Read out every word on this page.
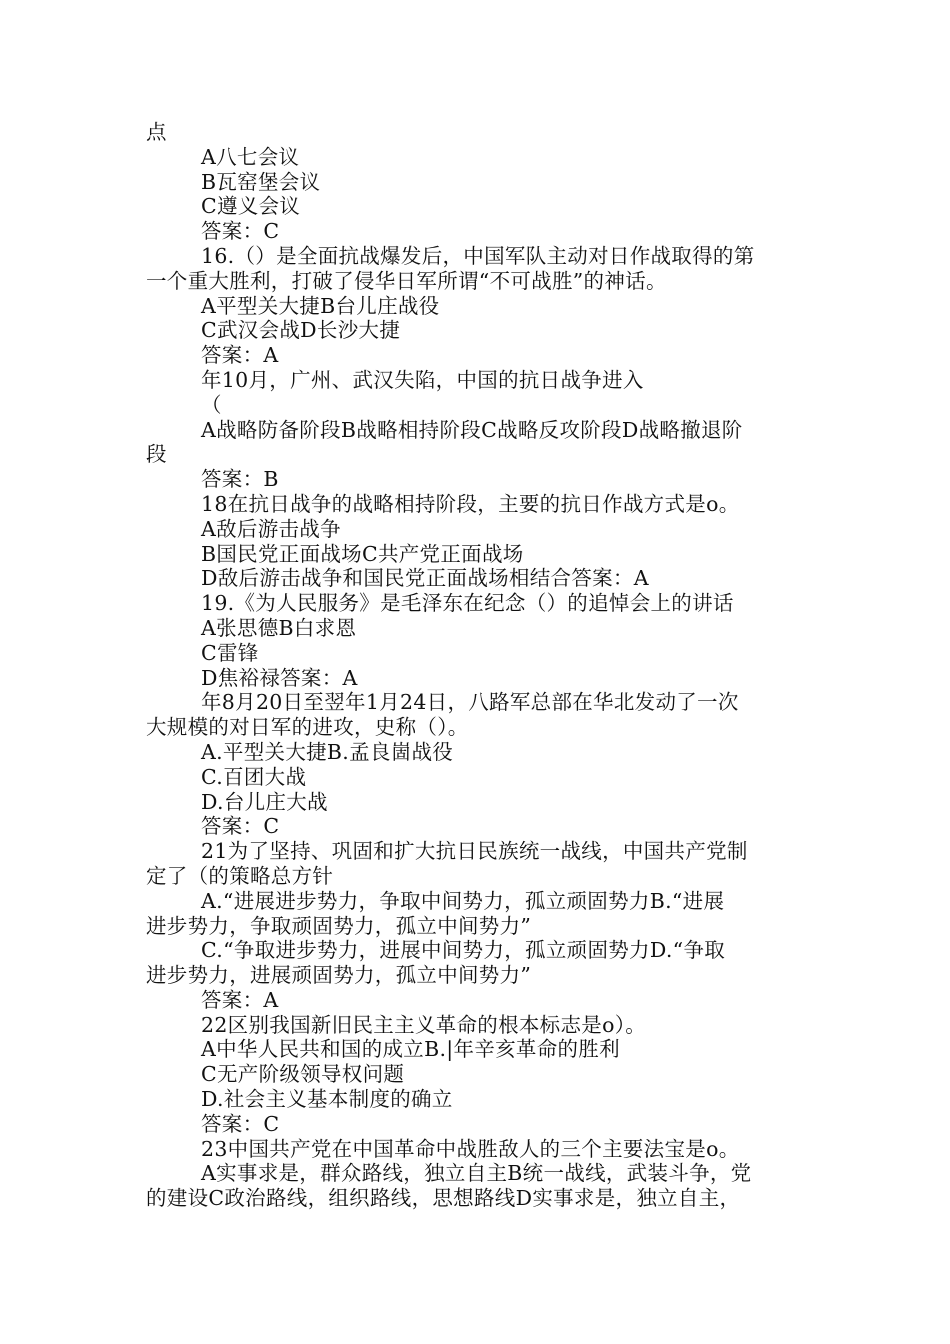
点
A八七会议
B瓦窑堡会议
C遵义会议
答案：C
16.（）是全面抗战爆发后，中国军队主动对日作战取得的第
一个重大胜利，打破了侵华日军所谓“不可战胜”的神话。
A平型关大捷B台儿庄战役
C武汉会战D长沙大捷
答案：A
年10月，广州、武汉失陷，中国的抗日战争进入
（
A战略防备阶段B战略相持阶段C战略反攻阶段D战略撤退阶
段
答案：B
18在抗日战争的战略相持阶段，主要的抗日作战方式是o。
A敌后游击战争
B国民党正面战场C共产党正面战场
D敌后游击战争和国民党正面战场相结合答案：A
19.《为人民服务》是毛泽东在纪念（）的追悼会上的讲话
A张思德B白求恩
C雷锋
D焦裕禄答案：A
年8月20日至翌年1月24日，八路军总部在华北发动了一次
大规模的对日军的进攻，史称（）。
A.平型关大捷B.孟良崮战役
C.百团大战
D.台儿庄大战
答案：C
21为了坚持、巩固和扩大抗日民族统一战线，中国共产党制
定了（的策略总方针
A.“进展进步势力，争取中间势力，孤立顽固势力B.“进展
进步势力，争取顽固势力，孤立中间势力”
C.“争取进步势力，进展中间势力，孤立顽固势力D.“争取
进步势力，进展顽固势力，孤立中间势力”
答案：A
22区别我国新旧民主主义革命的根本标志是o）。
A中华人民共和国的成立B.|年辛亥革命的胜利
C无产阶级领导权问题
D.社会主义基本制度的确立
答案：C
23中国共产党在中国革命中战胜敌人的三个主要法宝是o。
A实事求是，群众路线，独立自主B统一战线，武装斗争，党
的建设C政治路线，组织路线，思想路线D实事求是，独立自主，
